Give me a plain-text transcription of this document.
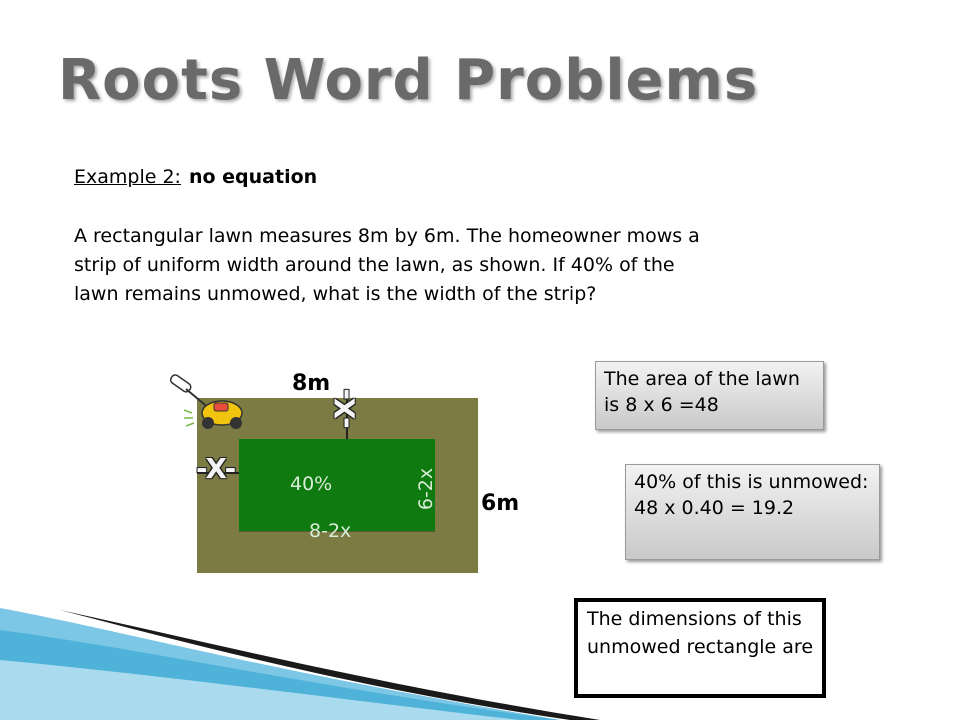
Roots Word Problems
Example 2: no equation
A rectangular lawn measures 8m by 6m. The homeowner mows a strip of uniform width around the lawn, as shown. If 40% of the lawn remains unmowed, what is the width of the strip?
8m
6m
40%
8-2x
6-2x
-X-
-X-
The area of the lawn is 8 x 6 =48
40% of this is unmowed:
48 x 0.40 = 19.2
The dimensions of this unmowed rectangle are
